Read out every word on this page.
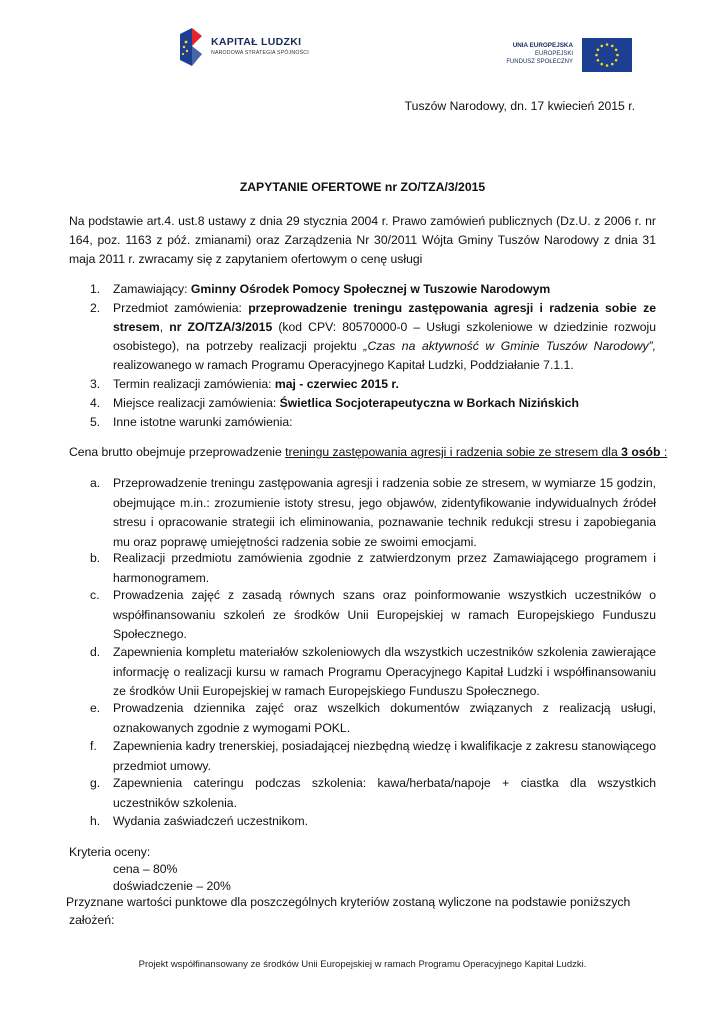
KAPITAŁ LUDZKI
NARODOWA STRATEGIA SPÓJNOŚCI
UNIA EUROPEJSKA
EUROPEJSKI
FUNDUSZ SPOŁECZNY
Tuszów Narodowy, dn. 17 kwiecień 2015 r.
ZAPYTANIE OFERTOWE nr ZO/TZA/3/2015
Na podstawie art.4. ust.8 ustawy z dnia 29 stycznia 2004 r. Prawo zamówień publicznych (Dz.U. z 2006 r. nr 164, poz. 1163 z póź. zmianami) oraz Zarządzenia Nr 30/2011 Wójta Gminy Tuszów Narodowy z dnia 31 maja 2011 r. zwracamy się z zapytaniem ofertowym o cenę usługi
1. Zamawiający: Gminny Ośrodek Pomocy Społecznej w Tuszowie Narodowym
2. Przedmiot zamówienia: przeprowadzenie treningu zastępowania agresji i radzenia sobie ze stresem, nr ZO/TZA/3/2015 (kod CPV: 80570000-0 – Usługi szkoleniowe w dziedzinie rozwoju osobistego), na potrzeby realizacji projektu „Czas na aktywność w Gminie Tuszów Narodowy”, realizowanego w ramach Programu Operacyjnego Kapitał Ludzki, Poddziałanie 7.1.1.
3. Termin realizacji zamówienia: maj - czerwiec 2015 r.
4. Miejsce realizacji zamówienia: Świetlica Socjoterapeutyczna w Borkach Nizińskich
5. Inne istotne warunki zamówienia:
Cena brutto obejmuje przeprowadzenie treningu zastępowania agresji i radzenia sobie ze stresem dla 3 osób :
a. Przeprowadzenie treningu zastępowania agresji i radzenia sobie ze stresem, w wymiarze 15 godzin, obejmujące m.in.: zrozumienie istoty stresu, jego objawów, zidentyfikowanie indywidualnych źródeł stresu i opracowanie strategii ich eliminowania, poznawanie technik redukcji stresu i zapobiegania mu oraz poprawę umiejętności radzenia sobie ze swoimi emocjami.
b. Realizacji przedmiotu zamówienia zgodnie z zatwierdzonym przez Zamawiającego programem i harmonogramem.
c. Prowadzenia zajęć z zasadą równych szans oraz poinformowanie wszystkich uczestników o współfinansowaniu szkoleń ze środków Unii Europejskiej w ramach Europejskiego Funduszu Społecznego.
d. Zapewnienia kompletu materiałów szkoleniowych dla wszystkich uczestników szkolenia zawierające informację o realizacji kursu w ramach Programu Operacyjnego Kapitał Ludzki i współfinansowaniu ze środków Unii Europejskiej w ramach Europejskiego Funduszu Społecznego.
e. Prowadzenia dziennika zajęć oraz wszelkich dokumentów związanych z realizacją usługi, oznakowanych zgodnie z wymogami POKL.
f. Zapewnienia kadry trenerskiej, posiadającej niezbędną wiedzę i kwalifikacje z zakresu stanowiącego przedmiot umowy.
g. Zapewnienia cateringu podczas szkolenia: kawa/herbata/napoje + ciastka dla wszystkich uczestników szkolenia.
h. Wydania zaświadczeń uczestnikom.
Kryteria oceny:
cena – 80%
doświadczenie – 20%
Przyznane wartości punktowe dla poszczególnych kryteriów zostaną wyliczone na podstawie poniższych
założeń:
Projekt współfinansowany ze środków Unii Europejskiej w ramach Programu Operacyjnego Kapitał Ludzki.
